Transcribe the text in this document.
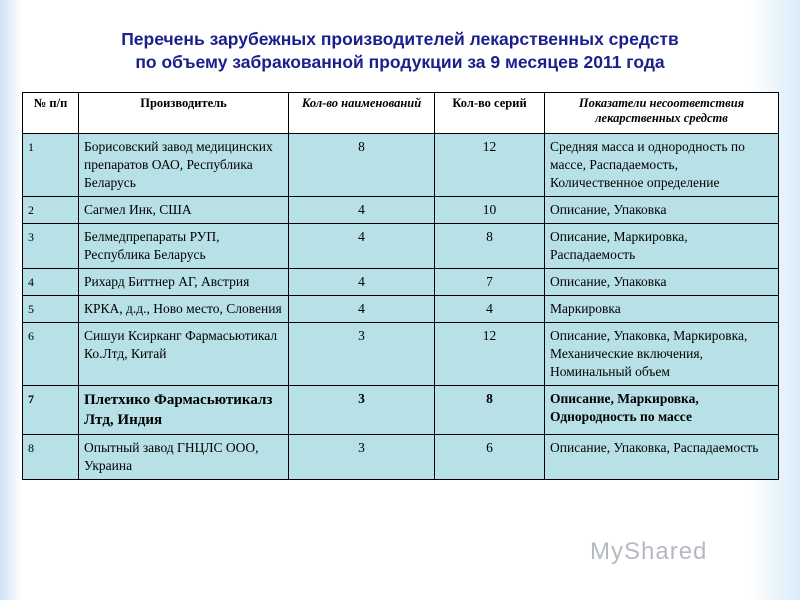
Перечень зарубежных производителей лекарственных средств
по объему забракованной продукции за 9 месяцев 2011 года
№ п/п	Производитель	Кол-во наименований	Кол-во серий	Показатели несоответствия лекарственных средств
1	Борисовский завод медицинских препаратов ОАО, Республика Беларусь	8	12	Средняя масса и однородность по массе, Распадаемость, Количественное определение
2	Сагмел Инк, США	4	10	Описание, Упаковка
3	Белмедпрепараты РУП, Республика Беларусь	4	8	Описание, Маркировка, Распадаемость
4	Рихард Биттнер АГ, Австрия	4	7	Описание, Упаковка
5	КРКА, д.д., Ново место, Словения	4	4	Маркировка
6	Сишуи Ксирканг Фармасьютикал Ко.Лтд, Китай	3	12	Описание, Упаковка, Маркировка, Механические включения, Номинальный объем
7	Плетхико Фармасьютикалз Лтд, Индия	3	8	Описание, Маркировка, Однородность по массе
8	Опытный завод ГНЦЛС ООО, Украина	3	6	Описание, Упаковка, Распадаемость
MyShared
